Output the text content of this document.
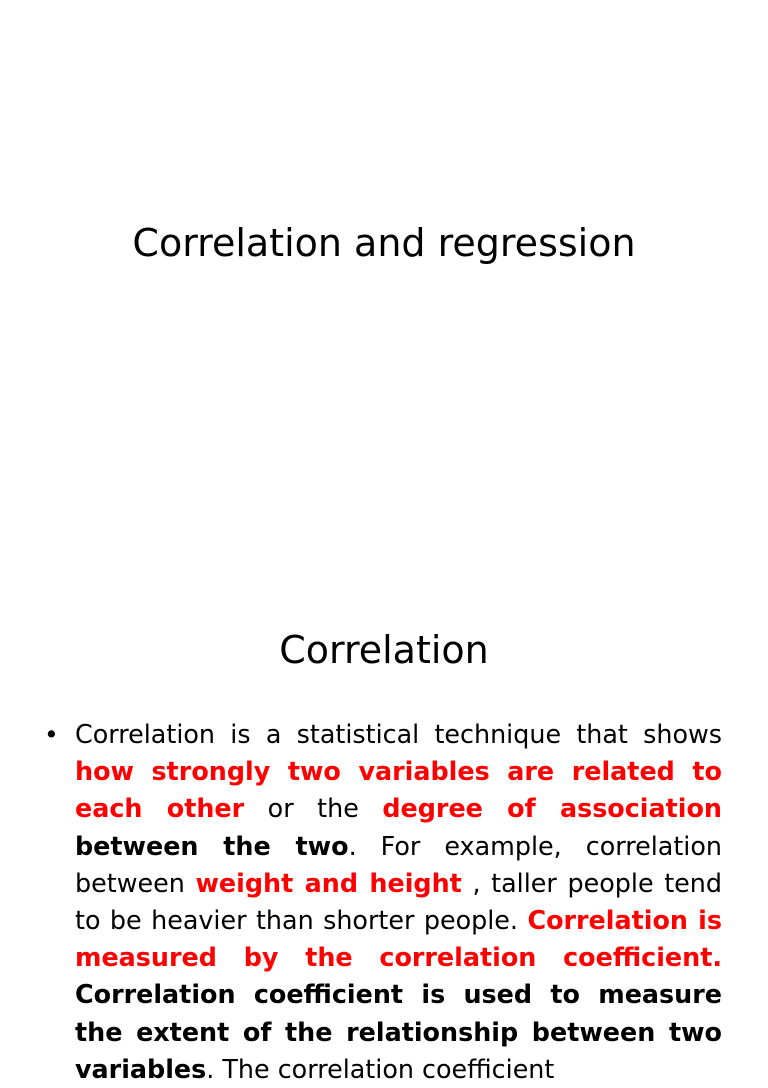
Correlation and regression
Correlation
• Correlation is a statistical technique that shows how strongly two variables are related to each other or the degree of association between the two. For example, correlation between weight and height , taller people tend to be heavier than shorter people. Correlation is measured by the correlation coefficient. Correlation coefficient is used to measure the extent of the relationship between two variables. The correlation coefficient
